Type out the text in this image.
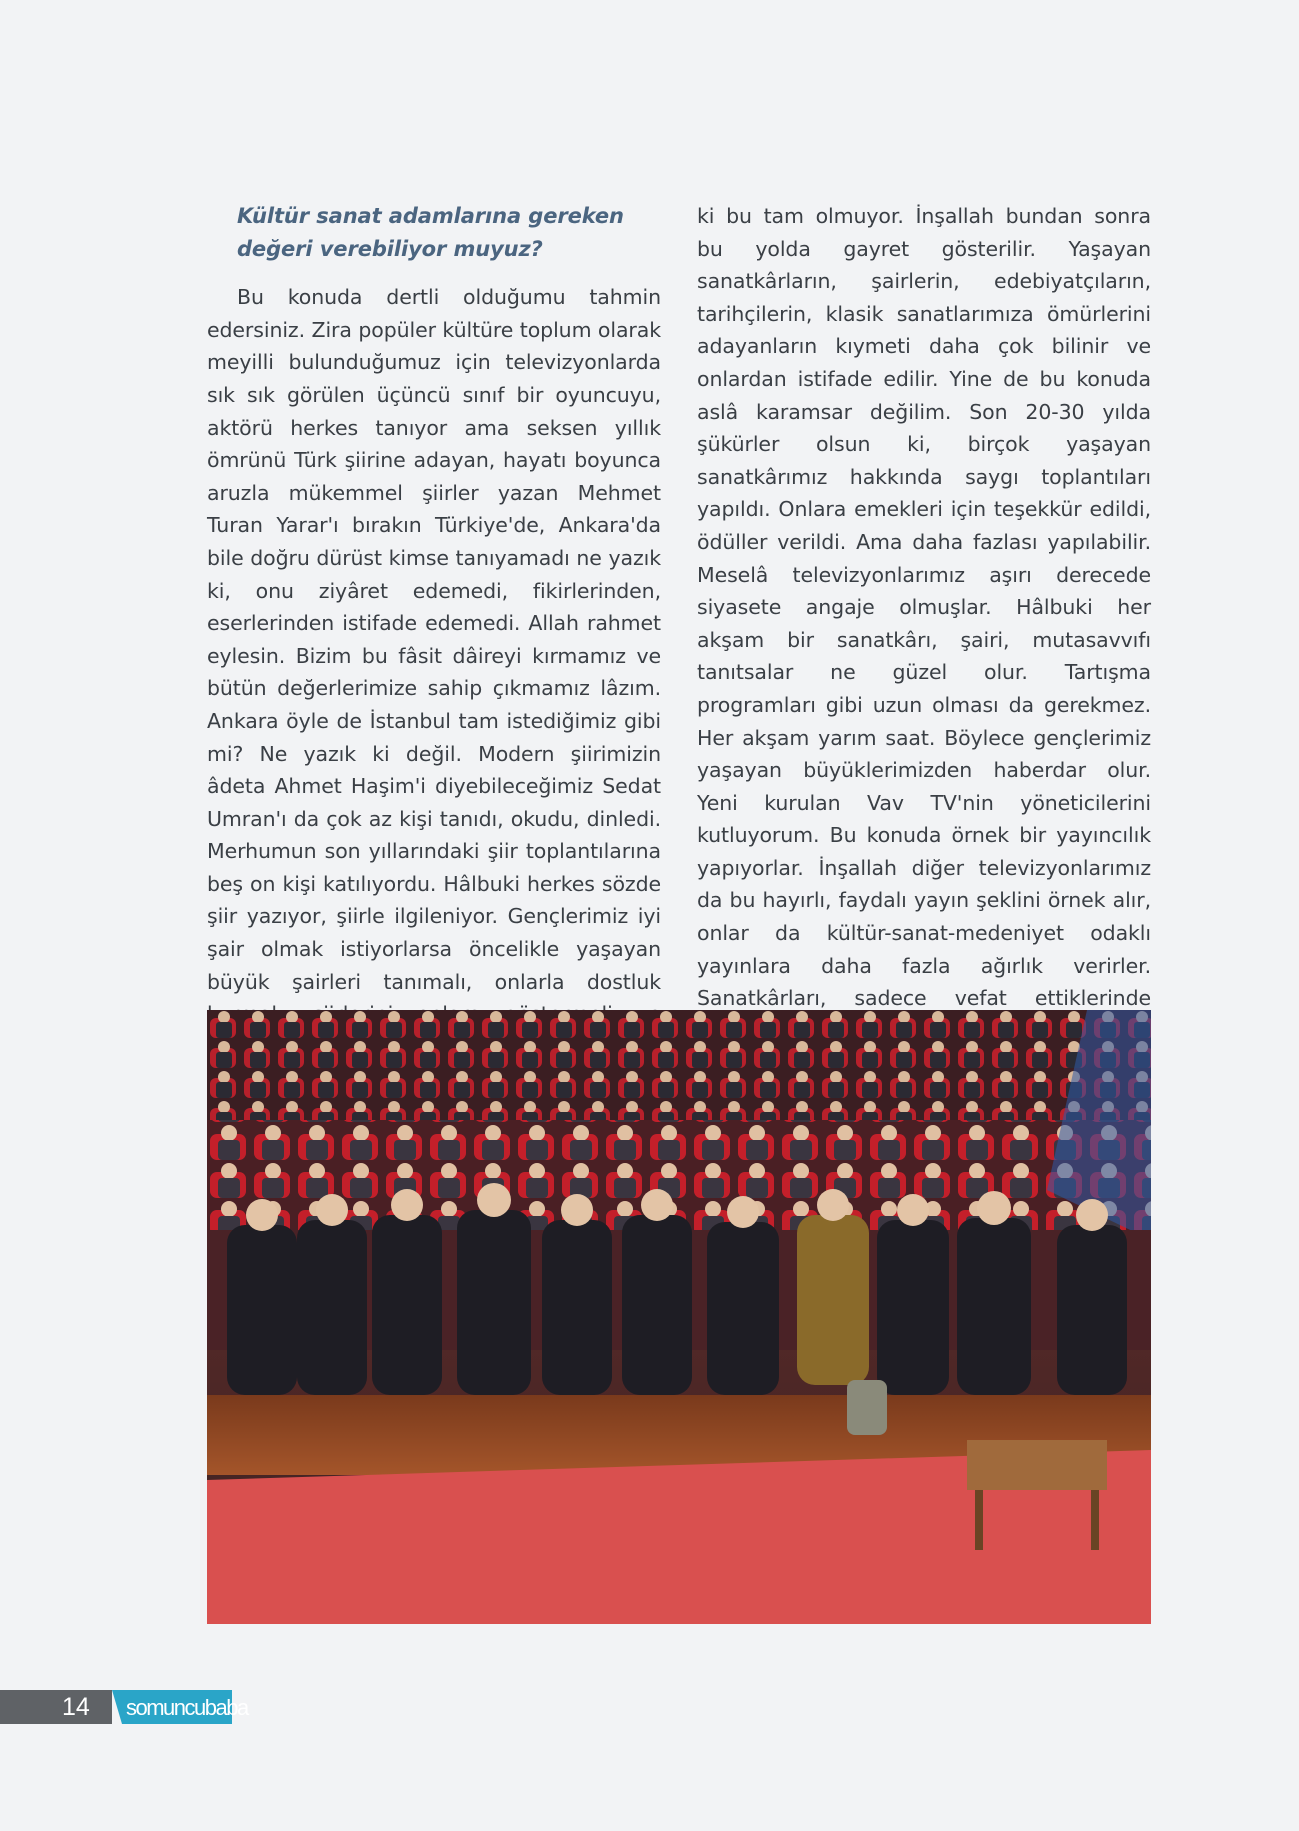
Kültür sanat adamlarına gereken değeri verebiliyor muyuz?

Bu konuda dertli olduğumu tahmin edersiniz. Zira popüler kültüre toplum olarak meyilli bulunduğumuz için televizyonlarda sık sık görülen üçüncü sınıf bir oyuncuyu, aktörü herkes tanıyor ama seksen yıllık ömrünü Türk şiirine adayan, hayatı boyunca aruzla mükemmel şiirler yazan Mehmet Turan Yarar'ı bırakın Türkiye'de, Ankara'da bile doğru dürüst kimse tanıyamadı ne yazık ki, onu ziyâret edemedi, fikirlerinden, eserlerinden istifade edemedi. Allah rahmet eylesin. Bizim bu fâsit dâireyi kırmamız ve bütün değerlerimize sahip çıkmamız lâzım. Ankara öyle de İstanbul tam istediğimiz gibi mi? Ne yazık ki değil. Modern şiirimizin âdeta Ahmet Haşim'i diyebileceğimiz Sedat Umran'ı da çok az kişi tanıdı, okudu, dinledi. Merhumun son yıllarındaki şiir toplantılarına beş on kişi katılıyordu. Hâlbuki herkes sözde şiir yazıyor, şiirle ilgileniyor. Gençlerimiz iyi şair olmak istiyorlarsa öncelikle yaşayan büyük şairleri tanımalı, onlarla dostluk

ki bu tam olmuyor. İnşallah bundan sonra bu yolda gayret gösterilir. Yaşayan sanatkârların, şairlerin, edebiyatçıların, tarihçilerin, klasik sanatlarımıza ömürlerini adayanların kıymeti daha çok bilinir ve onlardan istifade edilir. Yine de bu konuda aslâ karamsar değilim. Son 20-30 yılda şükürler olsun ki, birçok yaşayan sanatkârımız hakkında saygı toplantıları yapıldı. Onlara emekleri için teşekkür edildi, ödüller verildi. Ama daha fazlası yapılabilir. Meselâ televizyonlarımız aşırı derecede siyasete angaje olmuşlar. Hâlbuki her akşam bir sanatkârı, şairi, mutasavvıfı tanıtsalar ne güzel olur. Tartışma programları gibi uzun olması da gerekmez. Her akşam yarım saat. Böylece gençlerimiz yaşayan büyüklerimizden haberdar olur. Yeni kurulan Vav TV'nin yöneticilerini kutluyorum. Bu konuda örnek bir yayıncılık yapıyorlar. İnşallah diğer televizyonlarımız da bu hayırlı, faydalı yayın şeklini örnek alır, onlar da kültür-sanat-medeniyet odaklı yayınlara daha fazla ağırlık verirler. Sanatkârları, sadece vefat ettiklerinde

14 somuncubaba
